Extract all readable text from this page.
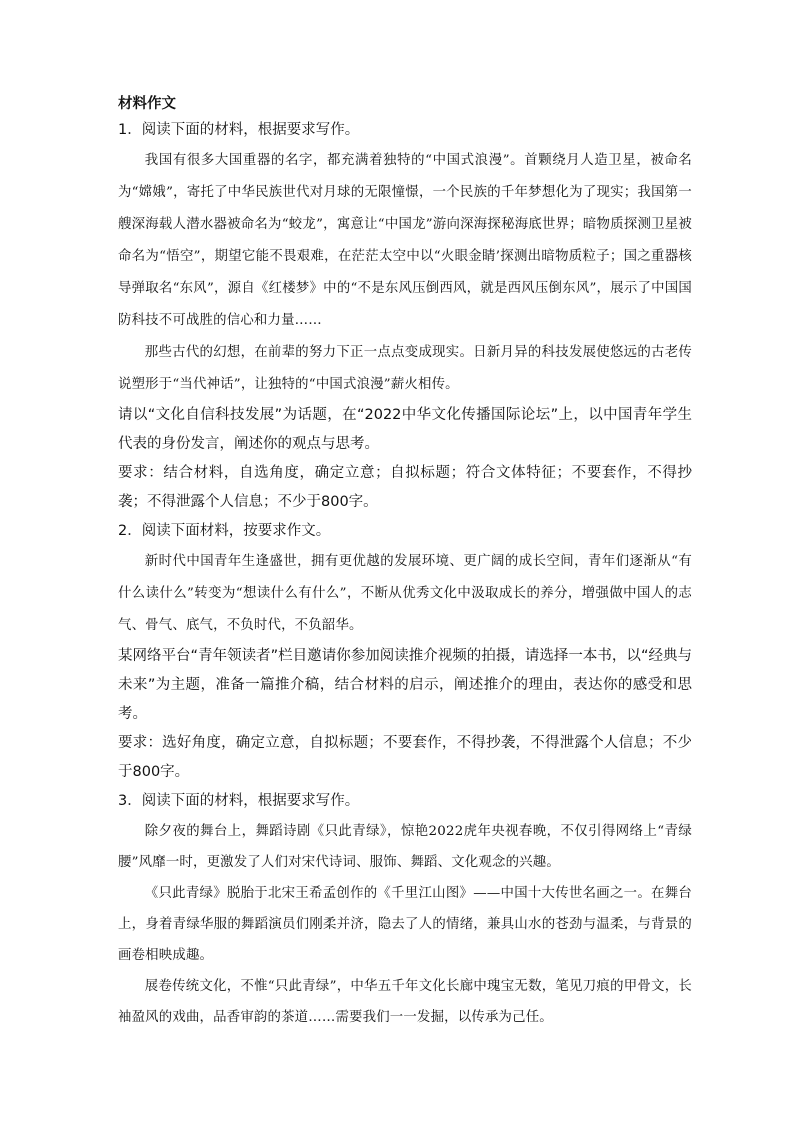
材料作文

1．阅读下面的材料，根据要求写作。

我国有很多大国重器的名字，都充满着独特的“中国式浪漫”。首颗绕月人造卫星，被命名为“嫦娥”，寄托了中华民族世代对月球的无限憧憬，一个民族的千年梦想化为了现实；我国第一艘深海载人潜水器被命名为“蛟龙”，寓意让“中国龙”游向深海探秘海底世界；暗物质探测卫星被命名为“悟空”，期望它能不畏艰难，在茫茫太空中以“火眼金睛’探测出暗物质粒子；国之重器核导弹取名“东风”，源自《红楼梦》中的“不是东风压倒西风，就是西风压倒东风”，展示了中国国防科技不可战胜的信心和力量……

那些古代的幻想，在前辈的努力下正一点点变成现实。日新月异的科技发展使悠远的古老传说塑形于“当代神话”，让独特的“中国式浪漫”薪火相传。

请以“文化自信科技发展”为话题，在“2022中华文化传播国际论坛”上，以中国青年学生代表的身份发言，阐述你的观点与思考。

要求：结合材料，自选角度，确定立意；自拟标题；符合文体特征；不要套作，不得抄袭；不得泄露个人信息；不少于800字。

2．阅读下面材料，按要求作文。

新时代中国青年生逢盛世，拥有更优越的发展环境、更广阔的成长空间，青年们逐渐从“有什么读什么”转变为“想读什么有什么”，不断从优秀文化中汲取成长的养分，增强做中国人的志气、骨气、底气，不负时代，不负韶华。

某网络平台“青年领读者”栏目邀请你参加阅读推介视频的拍摄，请选择一本书，以“经典与未来”为主题，准备一篇推介稿，结合材料的启示，阐述推介的理由，表达你的感受和思考。

要求：选好角度，确定立意，自拟标题；不要套作，不得抄袭，不得泄露个人信息；不少于800字。

3．阅读下面的材料，根据要求写作。

除夕夜的舞台上，舞蹈诗剧《只此青绿》，惊艳2022虎年央视春晚，不仅引得网络上“青绿腰”风靡一时，更激发了人们对宋代诗词、服饰、舞蹈、文化观念的兴趣。

《只此青绿》脱胎于北宋王希孟创作的《千里江山图》——中国十大传世名画之一。在舞台上，身着青绿华服的舞蹈演员们刚柔并济，隐去了人的情绪，兼具山水的苍劲与温柔，与背景的画卷相映成趣。

展卷传统文化，不惟“只此青绿”，中华五千年文化长廊中瑰宝无数，笔见刀痕的甲骨文，长袖盈风的戏曲，品香审韵的茶道……需要我们一一发掘，以传承为己任。
